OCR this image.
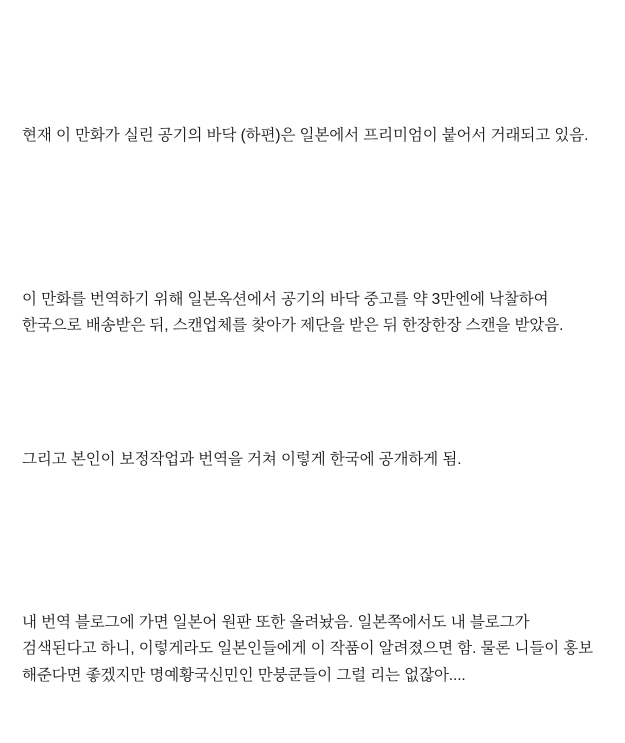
현재 이 만화가 실린 공기의 바닥 (하편)은 일본에서 프리미엄이 붙어서 거래되고 있음.

이 만화를 번역하기 위해 일본옥션에서 공기의 바닥 중고를 약 3만엔에 낙찰하여 한국으로 배송받은 뒤, 스캔업체를 찾아가 제단을 받은 뒤 한장한장 스캔을 받았음.

그리고 본인이 보정작업과 번역을 거쳐 이렇게 한국에 공개하게 됨.

내 번역 블로그에 가면 일본어 원판 또한 올려놨음. 일본쪽에서도 내 블로그가 검색된다고 하니, 이렇게라도 일본인들에게 이 작품이 알려졌으면 함. 물론 니들이 홍보 해준다면 좋겠지만 명예황국신민인 만붕쿤들이 그럴 리는 없잖아....
